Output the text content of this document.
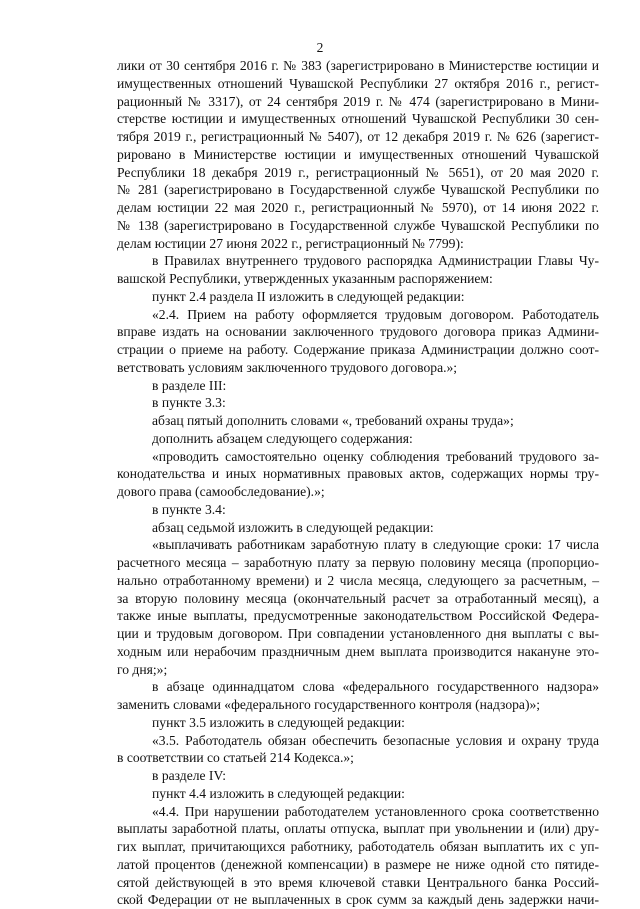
2
лики от 30 сентября 2016 г. № 383 (зарегистрировано в Министерстве юстиции и
имущественных отношений Чувашской Республики 27 октября 2016 г., регист-
рационный № 3317), от 24 сентября 2019 г. № 474 (зарегистрировано в Мини-
стерстве юстиции и имущественных отношений Чувашской Республики 30 сен-
тября 2019 г., регистрационный № 5407), от 12 декабря 2019 г. № 626 (зарегист-
рировано в Министерстве юстиции и имущественных отношений Чувашской
Республики 18 декабря 2019 г., регистрационный № 5651), от 20 мая 2020 г.
№ 281 (зарегистрировано в Государственной службе Чувашской Республики по
делам юстиции 22 мая 2020 г., регистрационный № 5970), от 14 июня 2022 г.
№ 138 (зарегистрировано в Государственной службе Чувашской Республики по
делам юстиции 27 июня 2022 г., регистрационный № 7799):
в Правилах внутреннего трудового распорядка Администрации Главы Чу-
вашской Республики, утвержденных указанным распоряжением:
пункт 2.4 раздела II изложить в следующей редакции:
«2.4. Прием на работу оформляется трудовым договором. Работодатель
вправе издать на основании заключенного трудового договора приказ Админи-
страции о приеме на работу. Содержание приказа Администрации должно соот-
ветствовать условиям заключенного трудового договора.»;
в разделе III:
в пункте 3.3:
абзац пятый дополнить словами «, требований охраны труда»;
дополнить абзацем следующего содержания:
«проводить самостоятельно оценку соблюдения требований трудового за-
конодательства и иных нормативных правовых актов, содержащих нормы тру-
дового права (самообследование).»;
в пункте 3.4:
абзац седьмой изложить в следующей редакции:
«выплачивать работникам заработную плату в следующие сроки: 17 числа
расчетного месяца – заработную плату за первую половину месяца (пропорцио-
нально отработанному времени) и 2 числа месяца, следующего за расчетным, –
за вторую половину месяца (окончательный расчет за отработанный месяц), а
также иные выплаты, предусмотренные законодательством Российской Федера-
ции и трудовым договором. При совпадении установленного дня выплаты с вы-
ходным или нерабочим праздничным днем выплата производится накануне это-
го дня;»;
в абзаце одиннадцатом слова «федерального государственного надзора»
заменить словами «федерального государственного контроля (надзора)»;
пункт 3.5 изложить в следующей редакции:
«3.5. Работодатель обязан обеспечить безопасные условия и охрану труда
в соответствии со статьей 214 Кодекса.»;
в разделе IV:
пункт 4.4 изложить в следующей редакции:
«4.4. При нарушении работодателем установленного срока соответственно
выплаты заработной платы, оплаты отпуска, выплат при увольнении и (или) дру-
гих выплат, причитающихся работнику, работодатель обязан выплатить их с уп-
латой процентов (денежной компенсации) в размере не ниже одной сто пятиде-
сятой действующей в это время ключевой ставки Центрального банка Россий-
ской Федерации от не выплаченных в срок сумм за каждый день задержки начи-
